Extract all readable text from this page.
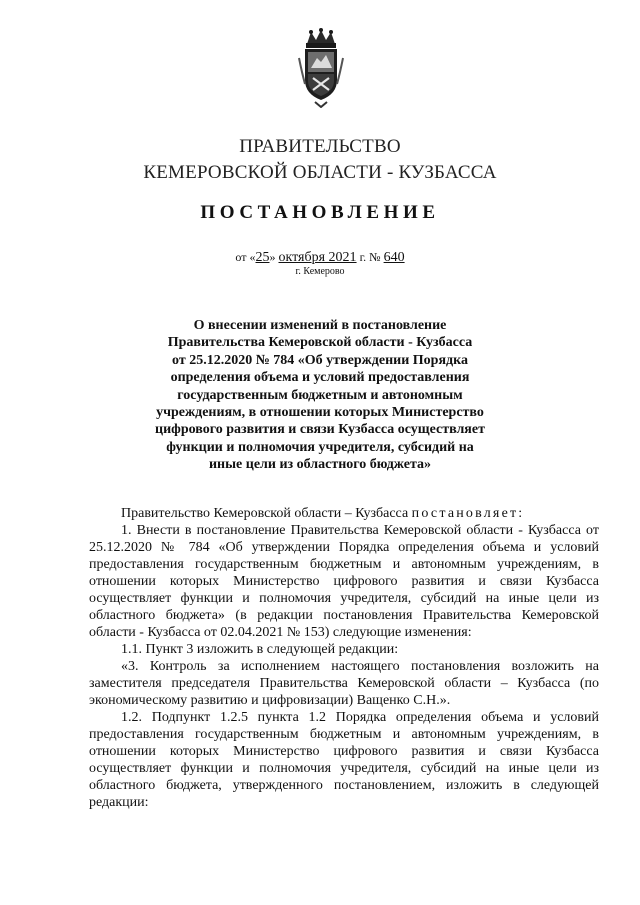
ПРАВИТЕЛЬСТВО
КЕМЕРОВСКОЙ ОБЛАСТИ - КУЗБАССА
ПОСТАНОВЛЕНИЕ
от «25» октября 2021 г. № 640
г. Кемерово
О внесении изменений в постановление
Правительства Кемеровской области - Кузбасса
от 25.12.2020 № 784 «Об утверждении Порядка
определения объема и условий предоставления
государственным бюджетным и автономным
учреждениям, в отношении которых Министерство
цифрового развития и связи Кузбасса осуществляет
функции и полномочия учредителя, субсидий на
иные цели из областного бюджета»

Правительство Кемеровской области – Кузбасса постановляет:

1. Внести в постановление Правительства Кемеровской области - Кузбасса от 25.12.2020 № 784 «Об утверждении Порядка определения объема и условий предоставления государственным бюджетным и автономным учреждениям, в отношении которых Министерство цифрового развития и связи Кузбасса осуществляет функции и полномочия учредителя, субсидий на иные цели из областного бюджета» (в редакции постановления Правительства Кемеровской области - Кузбасса от 02.04.2021 № 153) следующие изменения:

1.1. Пункт 3 изложить в следующей редакции:

«3. Контроль за исполнением настоящего постановления возложить на заместителя председателя Правительства Кемеровской области – Кузбасса (по экономическому развитию и цифровизации) Ващенко С.Н.».

1.2. Подпункт 1.2.5 пункта 1.2 Порядка определения объема и условий предоставления государственным бюджетным и автономным учреждениям, в отношении которых Министерство цифрового развития и связи Кузбасса осуществляет функции и полномочия учредителя, субсидий на иные цели из областного бюджета, утвержденного постановлением, изложить в следующей редакции:
